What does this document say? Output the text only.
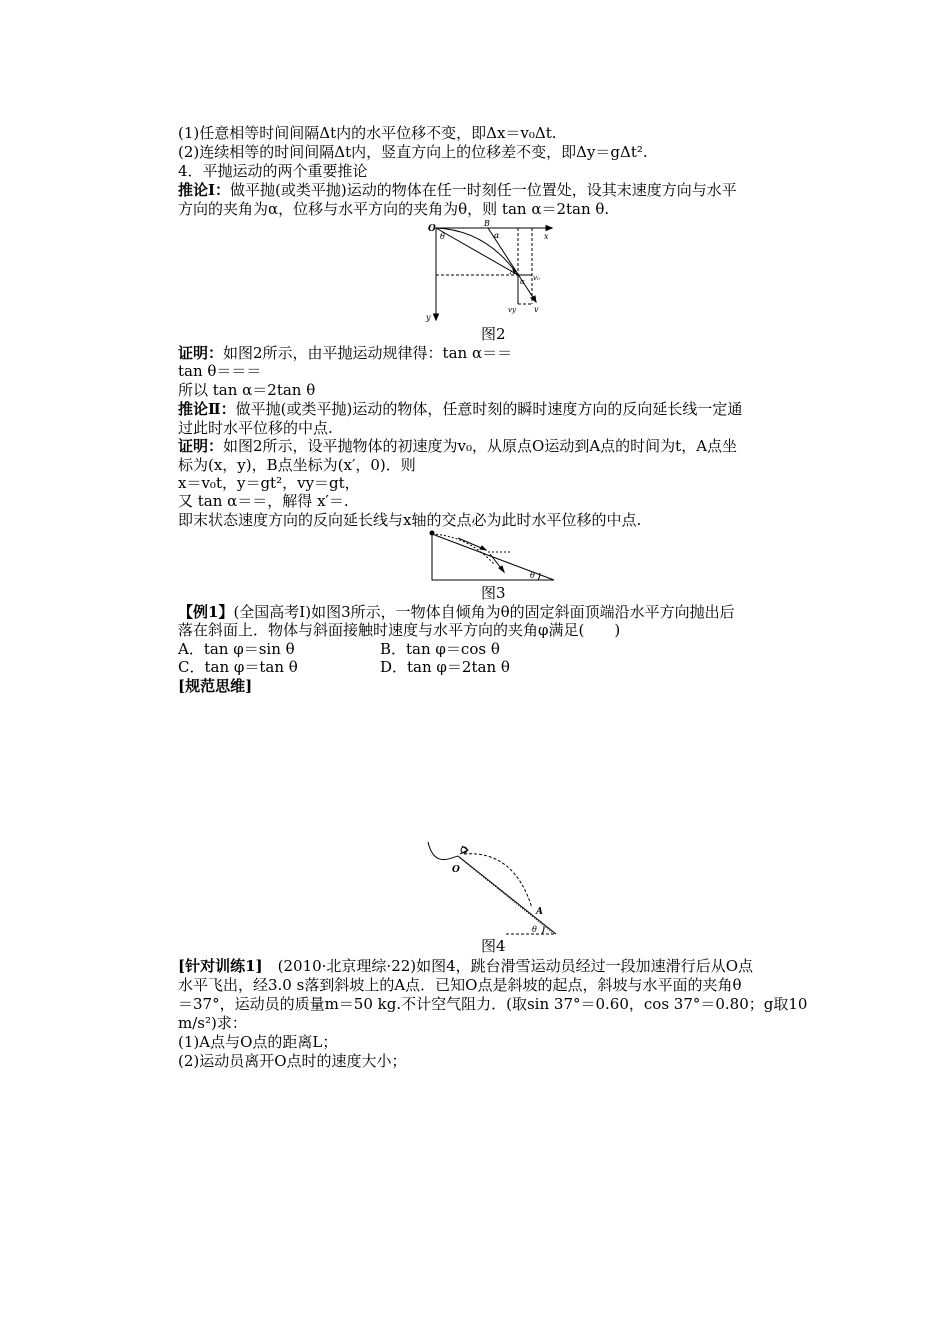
(1)任意相等时间间隔Δt内的水平位移不变，即Δx＝v₀Δt.
(2)连续相等的时间间隔Δt内，竖直方向上的位移差不变，即Δy＝gΔt².
4．平抛运动的两个重要推论
推论Ⅰ：做平抛(或类平抛)运动的物体在任一时刻任一位置处，设其末速度方向与水平
方向的夹角为α，位移与水平方向的夹角为θ，则 tan α＝2tan θ.
O
θ
B
α	x
A
α v₀
vy v
y
图2
证明：如图2所示，由平抛运动规律得：tan α＝＝
tan θ＝＝＝
所以 tan α＝2tan θ
推论Ⅱ：做平抛(或类平抛)运动的物体，任意时刻的瞬时速度方向的反向延长线一定通
过此时水平位移的中点.
证明：如图2所示，设平抛物体的初速度为v₀，从原点O运动到A点的时间为t，A点坐
标为(x，y)，B点坐标为(x′，0)．则
x＝v₀t，y＝gt²，vy＝gt，
又 tan α＝＝，解得 x′＝.
即末状态速度方向的反向延长线与x轴的交点必为此时水平位移的中点.
θ
图3
【例1】(全国高考Ⅰ)如图3所示，一物体自倾角为θ的固定斜面顶端沿水平方向抛出后
落在斜面上．物体与斜面接触时速度与水平方向的夹角φ满足(　　)
A．tan φ＝sin θ	B．tan φ＝cos θ
C．tan φ＝tan θ	D．tan φ＝2tan θ
[规范思维]
O
A
θ
图4
[针对训练1]　(2010·北京理综·22)如图4，跳台滑雪运动员经过一段加速滑行后从O点
水平飞出，经3.0 s落到斜坡上的A点．已知O点是斜坡的起点，斜坡与水平面的夹角θ
＝37°，运动员的质量m＝50 kg.不计空气阻力．(取sin 37°＝0.60，cos 37°＝0.80；g取10
m/s²)求：
(1)A点与O点的距离L；
(2)运动员离开O点时的速度大小；
